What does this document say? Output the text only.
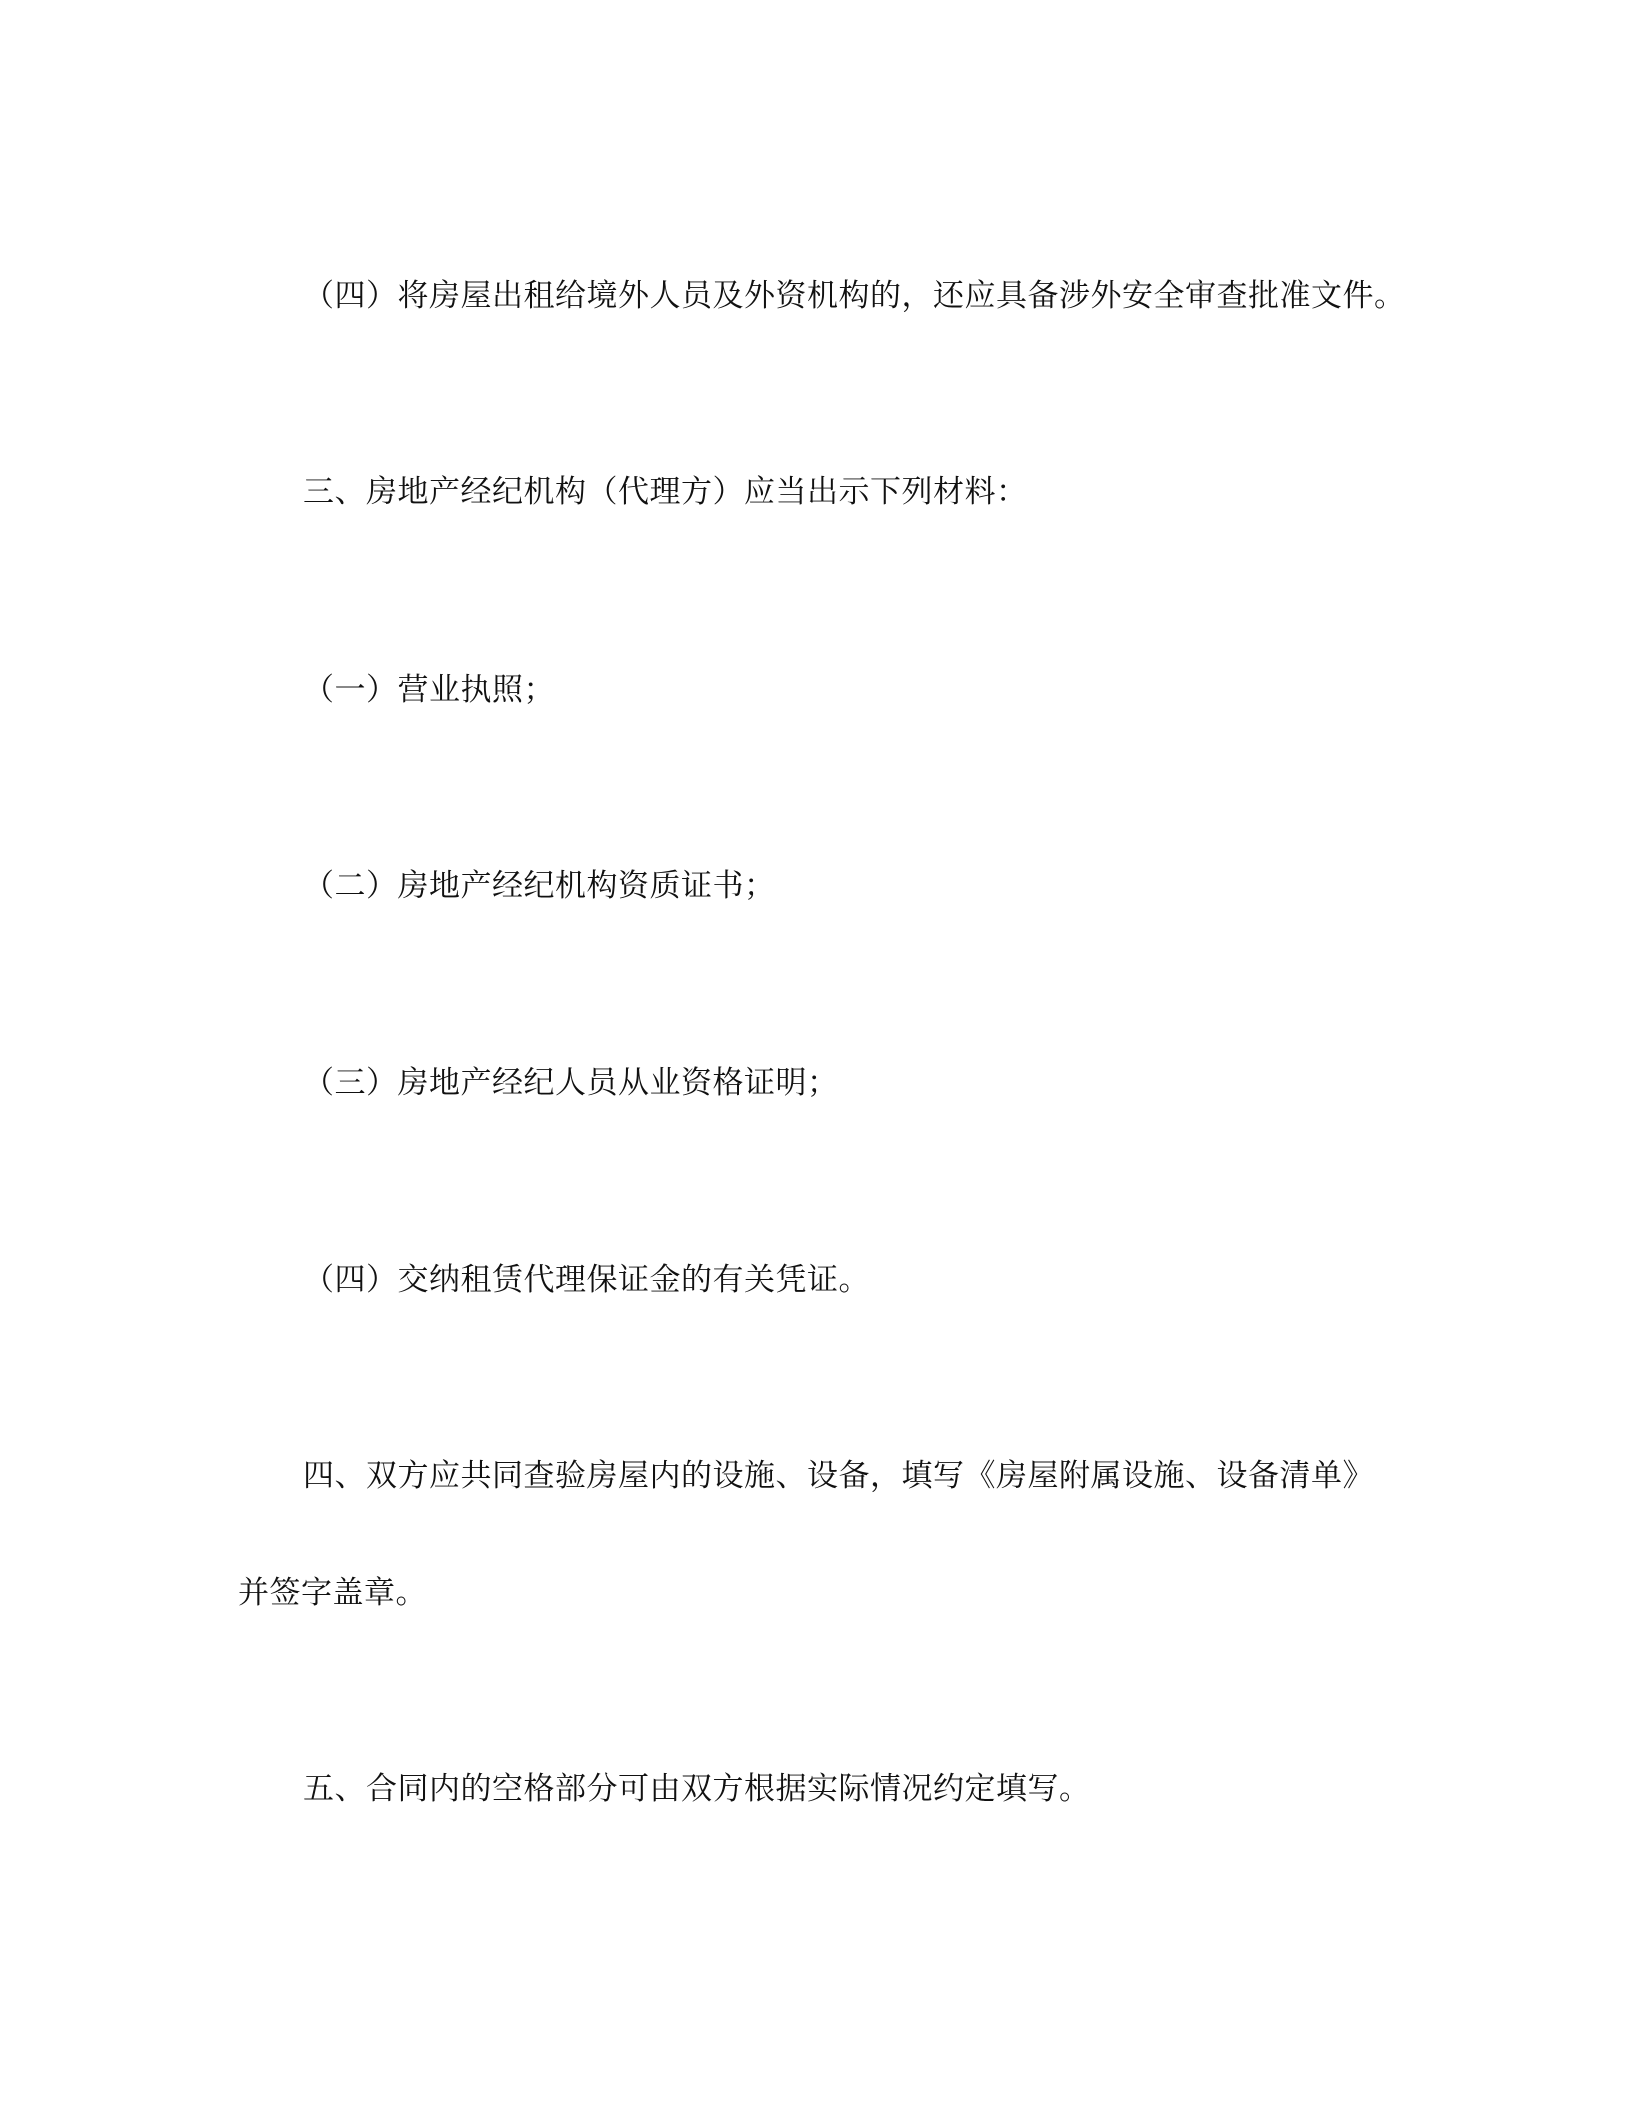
（四）将房屋出租给境外人员及外资机构的，还应具备涉外安全审查批准文件。

三、房地产经纪机构（代理方）应当出示下列材料：

（一）营业执照；

（二）房地产经纪机构资质证书；

（三）房地产经纪人员从业资格证明；

（四）交纳租赁代理保证金的有关凭证。

四、双方应共同查验房屋内的设施、设备，填写《房屋附属设施、设备清单》

并签字盖章。

五、合同内的空格部分可由双方根据实际情况约定填写。
